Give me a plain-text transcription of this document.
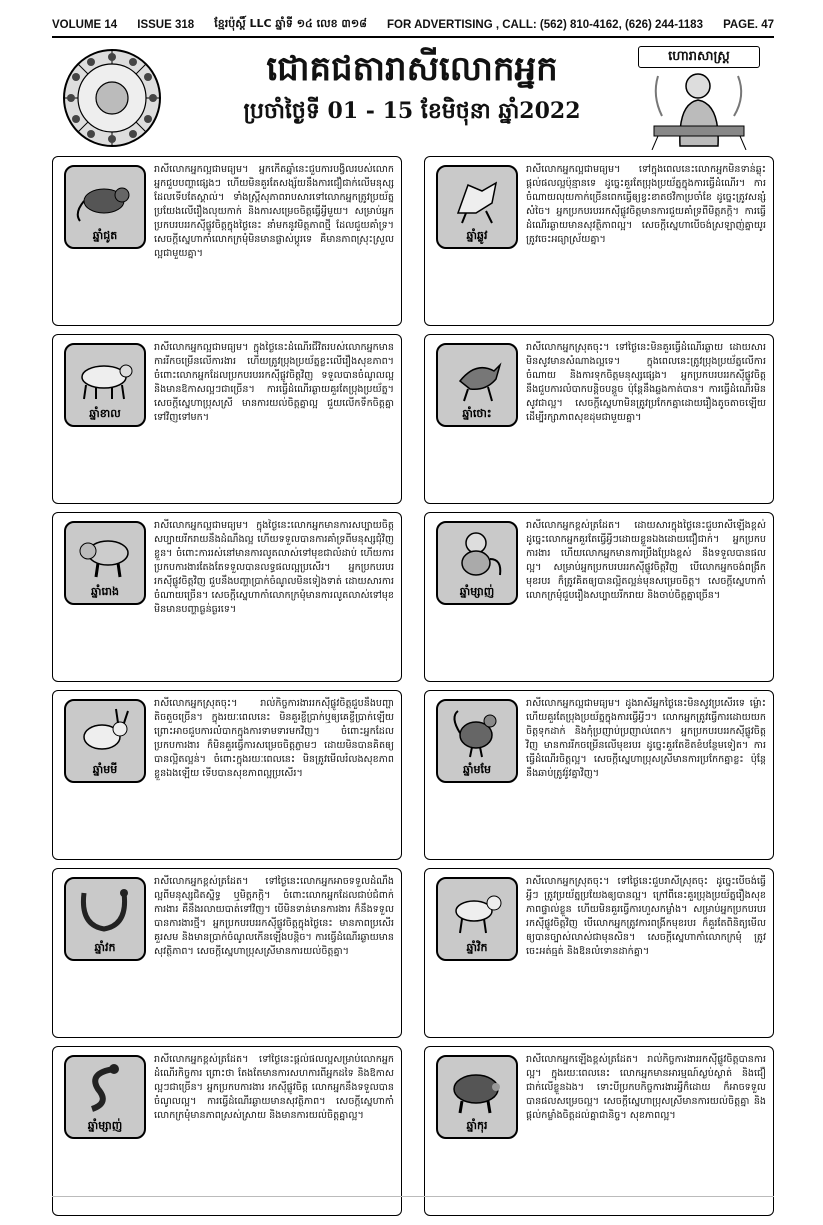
VOLUME 14 ISSUE 318 ខ្មែរប៉ុស្តិ៍ LLC ឆ្នាំទី ១៤ លេខ ៣១៨ FOR ADVERTISING , CALL: (562) 810-4162, (626) 244-1183 PAGE. 47
ជោគជតារាសីលោកអ្នក
ប្រចាំថ្ងៃទី 01 - 15 ខែមិថុនា ឆ្នាំ2022
ហោរាសាស្ត្រ
ឆ្នាំជូត
រាសីលោកអ្នកល្អជាមធ្យម។ អ្នកកើតឆ្នាំនេះជួបការបង្វិលរបស់លោកអ្នកជួបបញ្ហាផ្សេងៗ ហើយមិនគួរតែសង្ស័យនឹងការជឿជាក់លើមនុស្សដែលទើបតែស្គាល់។ ទាំងស្ត្រីសុភាពរាបសារទៅលោកអ្នកត្រូវប្រយ័ត្នប្រយែងលើរឿងលុយកាក់ និងការសម្រេចចិត្តធ្វើអ្វីមួយ។ សម្រាប់អ្នកប្រកបរបររកស៊ីផ្លូវចិត្តក្នុងថ្ងៃនេះ នាំមកនូវមិត្តភាពថ្មី ដែលជួយគាំទ្រ។ សេចក្តីស្នេហាកាំលោកក្រមុំមិនមានផ្លាស់ប្តូរទេ គឺមានភាពស្រុះស្រួលល្អជាមួយគ្នា។
ឆ្នាំឆ្លូវ
រាសីលោកអ្នកល្អជាមធ្យម។ ទៅក្នុងពេលនេះលោកអ្នកមិនទាន់ឆ្លុះផ្តល់ផលល្អប៉ុន្មានទេ ដូច្នេះគួរតែប្រុងប្រយ័ត្នក្នុងការធ្វើដំណើរ។ ការចំណាយលុយកាក់ច្រើនពេកធ្វើឲ្យខ្វះខាតថវិកាប្រចាំខែ ដូច្នេះត្រូវសន្សំសំចៃ។ អ្នកប្រកបរបររកស៊ីផ្លូវចិត្តមានការជួយគាំទ្រពីមិត្តភក្តិ។ ការធ្វើដំណើរឆ្ងាយមានសុវត្ថិភាពល្អ។ សេចក្តីស្នេហាបើចង់ស្រឡាញ់គ្នាយូរ ត្រូវចេះអធ្យាស្រ័យគ្នា។
ឆ្នាំខាល
រាសីលោកអ្នកល្អជាមធ្យម។ ក្នុងថ្ងៃនេះដំណើរជីវិតរបស់លោកអ្នកមានការរីកចម្រើនលើការងារ ហើយត្រូវប្រុងប្រយ័ត្នខ្លះលើរឿងសុខភាព។ ចំពោះលោកអ្នកដែលប្រកបរបររកស៊ីផ្លូវចិត្តវិញ ទទួលបានចំណូលល្អ និងមានឱកាសល្អៗជាច្រើន។ ការធ្វើដំណើរឆ្ងាយគួរតែប្រុងប្រយ័ត្ន។ សេចក្តីស្នេហាប្រុសស្រី មានការយល់ចិត្តគ្នាល្អ ជួយលើកទឹកចិត្តគ្នាទៅវិញទៅមក។	ឆ្នាំថោះ
រាសីលោកអ្នកស្រុតចុះ។ ទៅថ្ងៃនេះមិនគួរធ្វើដំណើរឆ្ងាយ ដោយសារមិនសូវមានសំណាងល្អទេ។ ក្នុងពេលនេះត្រូវប្រុងប្រយ័ត្នលើការចំណាយ និងការទុកចិត្តមនុស្សផ្សេង។ អ្នកប្រកបរបររកស៊ីផ្លូវចិត្តនឹងជួបការលំបាកបន្តិចបន្តួច ប៉ុន្តែនឹងឆ្លងកាត់បាន។ ការធ្វើដំណើរមិនសូវជាល្អ។ សេចក្តីស្នេហាមិនត្រូវប្រកែកគ្នាដោយរឿងតូចតាចឡើយ ដើម្បីរក្សាភាពសុខដុមជាមួយគ្នា។
ឆ្នាំរោង
រាសីលោកអ្នកល្អជាមធ្យម។ ក្នុងថ្ងៃនេះលោកអ្នកមានការសប្បាយចិត្ត សប្បាយរីករាយនឹងដំណឹងល្អ ហើយទទួលបានការគាំទ្រពីមនុស្សជុំវិញខ្លួន។ ចំពោះការរស់នៅមានការលូតលាស់ទៅមុខជាលំដាប់ ហើយការប្រកបការងារតែងតែទទួលបានលទ្ធផលល្អប្រសើរ។ អ្នកប្រកបរបររកស៊ីផ្លូវចិត្តវិញ ជួបនឹងបញ្ហាប្រាក់ចំណូលមិនទៀងទាត់ ដោយសារការចំណាយច្រើន។ សេចក្តីស្នេហាកាំលោកក្រមុំមានការលូតលាស់ទៅមុខ មិនមានបញ្ហាធ្ងន់ធ្ងរទេ។
ឆ្នាំម្សាញ់
រាសីលោកអ្នកខ្ពស់ត្រដែត។ ដោយសារក្នុងថ្ងៃនេះជួបរាសីឡើងខ្ពស់ ដូច្នេះលោកអ្នកគួរតែធ្វើអ្វីៗដោយខ្លួនឯងដោយជឿជាក់។ អ្នកប្រកបការងារ ហើយលោកអ្នកមានការប្រឹងប្រែងខ្ពស់ នឹងទទួលបានផលល្អ។ សម្រាប់អ្នកប្រកបរបររកស៊ីផ្លូវចិត្តវិញ បើលោកអ្នកចង់ពង្រីកមុខរបរ ក៏ត្រូវគិតឲ្យបានល្អិតល្អន់មុនសម្រេចចិត្ត។ សេចក្តីស្នេហាកាំលោកក្រមុំជួបរឿងសប្បាយរីករាយ និងចាប់ចិត្តគ្នាច្រើន។
ឆ្នាំមមី
រាសីលោកអ្នកស្រុតចុះ។ រាល់កិច្ចការងាររកស៊ីផ្លូវចិត្តជួបនឹងបញ្ហាតិចតួចច្រើន។ ក្នុងរយៈពេលនេះ មិនគួរខ្ចីប្រាក់ឬឲ្យគេខ្ចីប្រាក់ឡើយ ព្រោះអាចជួបការលំបាកក្នុងការទាមទារមកវិញ។ ចំពោះអ្នកដែលប្រកបការងារ ក៏មិនគួរធ្វើការសម្រេចចិត្តភ្លាមៗ ដោយមិនបានគិតឲ្យបានល្អិតល្អន់។ ចំពោះក្នុងរយៈពេលនេះ មិនត្រូវមើលរំលងសុខភាពខ្លួនឯងឡើយ ទើបបានសុខភាពល្អប្រសើរ។	ឆ្នាំមមែ
រាសីលោកអ្នកល្អជាមធ្យម។ ដូងរាសីអ្នកថ្ងៃនេះមិនសូវប្រសើរទេ ម្ល៉ោះហើយគួរតែប្រុងប្រយ័ត្នក្នុងការធ្វើអ្វីៗ។ លោកអ្នកត្រូវធ្វើការដោយយកចិត្តទុកដាក់ និងកុំប្រញាប់ប្រញាល់ពេក។ អ្នកប្រកបរបររកស៊ីផ្លូវចិត្តវិញ មានការរីកចម្រើនលើមុខរបរ ដូច្នេះគួរតែខិតខំបន្ថែមទៀត។ ការធ្វើដំណើរចិត្តល្អ។ សេចក្តីស្នេហាប្រុសស្រីមានការប្រកែកគ្នាខ្លះ ប៉ុន្តែនឹងឆាប់ត្រូវរ៉ូវគ្នាវិញ។
ឆ្នាំវក
រាសីលោកអ្នកខ្ពស់ត្រដែត។ ទៅថ្ងៃនេះលោកអ្នកអាចទទួលដំណឹងល្អពីមនុស្សជិតស្និទ្ធ ឬមិត្តភក្តិ។ ចំពោះលោកអ្នកដែលជាប់ជំពាក់ការងារ គឺនឹងរលាយបាត់ទៅវិញ។ បើមិនទាន់មានការងារ ក៏នឹងទទួលបានការងារថ្មី។ អ្នកប្រកបរបររកស៊ីផ្លូវចិត្តក្នុងថ្ងៃនេះ មានភាពប្រសើរគួរសម និងមានប្រាក់ចំណូលកើនឡើងបន្តិច។ ការធ្វើដំណើរឆ្ងាយមានសុវត្ថិភាព។ សេចក្តីស្នេហាប្រុសស្រីមានការយល់ចិត្តគ្នា។	ឆ្នាំវិក
រាសីលោកអ្នកស្រុតចុះ។ ទៅថ្ងៃនេះជួបរាសីស្រុតចុះ ដូច្នេះបើចង់ធ្វើអ្វីៗ ត្រូវប្រយ័ត្នប្រយែងឲ្យបានល្អ។ ក្រៅពីនេះគួរប្រុងប្រយ័ត្នរឿងសុខភាពផ្ទាល់ខ្លួន ហើយមិនគួរធ្វើការហួសកម្លាំង។ សម្រាប់អ្នកប្រកបរបររកស៊ីផ្លូវចិត្តវិញ បើលោកអ្នកត្រូវការពង្រីកមុខរបរ ក៏គួរតែពិនិត្យមើលឲ្យបានច្បាស់លាស់ជាមុនសិន។ សេចក្តីស្នេហាកាំលោកក្រមុំ ត្រូវចេះអត់ធ្មត់ និងឱនលំទោនដាក់គ្នា។
ឆ្នាំម្សាញ់
រាសីលោកអ្នកខ្ពស់ត្រដែត។ ទៅថ្ងៃនេះផ្តល់ផលល្អសម្រាប់លោកអ្នកដំណើរកិច្ចការ ព្រោះថា តែងតែមានការសហការពីអ្នកដទៃ និងឱកាសល្អៗជាច្រើន។ អ្នកប្រកបការងារ រកស៊ីផ្លូវចិត្ត លោកអ្នកនឹងទទួលបានចំណូលល្អ។ ការធ្វើដំណើរឆ្ងាយមានសុវត្ថិភាព។ សេចក្តីស្នេហាកាំលោកក្រមុំមានភាពស្រស់ស្រាយ និងមានការយល់ចិត្តគ្នាល្អ។
ឆ្នាំកុរ
រាសីលោកអ្នកឡើងខ្ពស់ត្រដែត។ រាល់កិច្ចការងាររកស៊ីផ្លូវចិត្តបានការល្អ។ ក្នុងរយៈពេលនេះ លោកអ្នកមានអារម្មណ៍ស្ងប់ស្ងាត់ និងជឿជាក់លើខ្លួនឯង។ ទោះបីប្រកបកិច្ចការងារអ្វីក៏ដោយ ក៏អាចទទួលបានផលសម្រេចល្អ។ សេចក្តីស្នេហាប្រុសស្រីមានការយល់ចិត្តគ្នា និងផ្តល់កម្លាំងចិត្តដល់គ្នាជានិច្ច។ សុខភាពល្អ។
